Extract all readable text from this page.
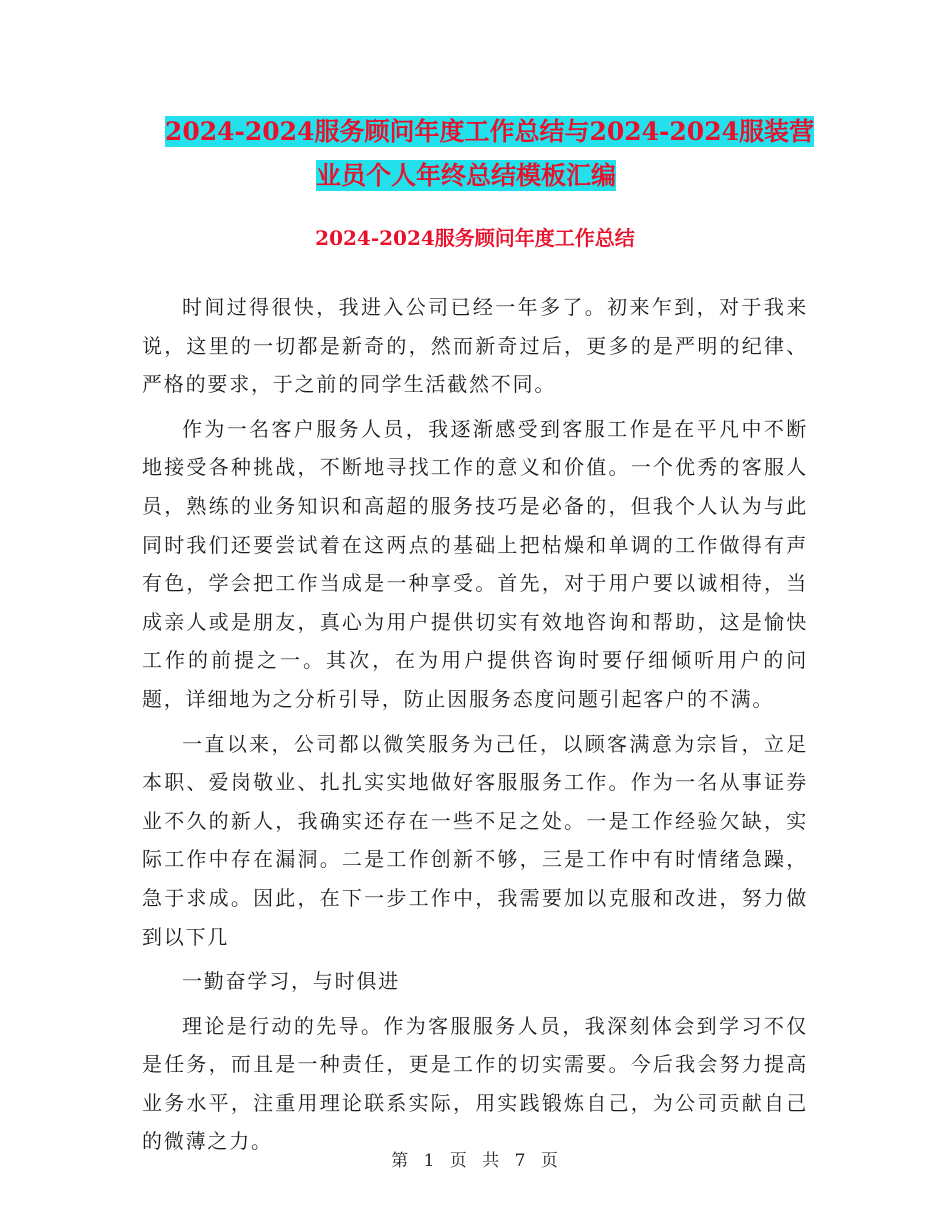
2024-2024服务顾问年度工作总结与2024-2024服装营
业员个人年终总结模板汇编
2024-2024服务顾问年度工作总结

时间过得很快，我进入公司已经一年多了。初来乍到，对于我来说，这里的一切都是新奇的，然而新奇过后，更多的是严明的纪律、严格的要求，于之前的同学生活截然不同。

作为一名客户服务人员，我逐渐感受到客服工作是在平凡中不断地接受各种挑战，不断地寻找工作的意义和价值。一个优秀的客服人员，熟练的业务知识和高超的服务技巧是必备的，但我个人认为与此同时我们还要尝试着在这两点的基础上把枯燥和单调的工作做得有声有色，学会把工作当成是一种享受。首先，对于用户要以诚相待，当成亲人或是朋友，真心为用户提供切实有效地咨询和帮助，这是愉快工作的前提之一。其次，在为用户提供咨询时要仔细倾听用户的问题，详细地为之分析引导，防止因服务态度问题引起客户的不满。

一直以来，公司都以微笑服务为己任，以顾客满意为宗旨，立足本职、爱岗敬业、扎扎实实地做好客服服务工作。作为一名从事证券业不久的新人，我确实还存在一些不足之处。一是工作经验欠缺，实际工作中存在漏洞。二是工作创新不够，三是工作中有时情绪急躁，急于求成。因此，在下一步工作中，我需要加以克服和改进，努力做到以下几

一勤奋学习，与时俱进

理论是行动的先导。作为客服服务人员，我深刻体会到学习不仅是任务，而且是一种责任，更是工作的切实需要。今后我会努力提高业务水平，注重用理论联系实际，用实践锻炼自己，为公司贡献自己的微薄之力。

第 1 页 共 7 页
